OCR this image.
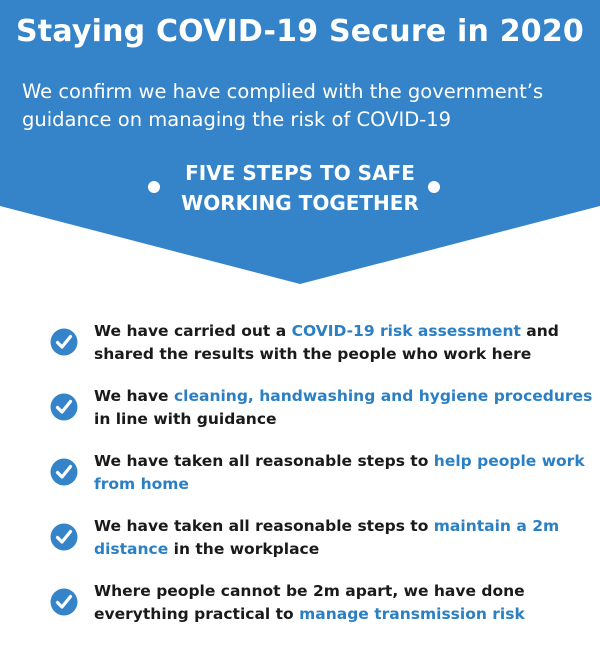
Staying COVID-19 Secure in 2020
We confirm we have complied with the government’s guidance on managing the risk of COVID-19
FIVE STEPS TO SAFE
WORKING TOGETHER
We have carried out a COVID-19 risk assessment and shared the results with the people who work here
We have cleaning, handwashing and hygiene procedures in line with guidance
We have taken all reasonable steps to help people work from home
We have taken all reasonable steps to maintain a 2m distance in the workplace
Where people cannot be 2m apart, we have done everything practical to manage transmission risk
